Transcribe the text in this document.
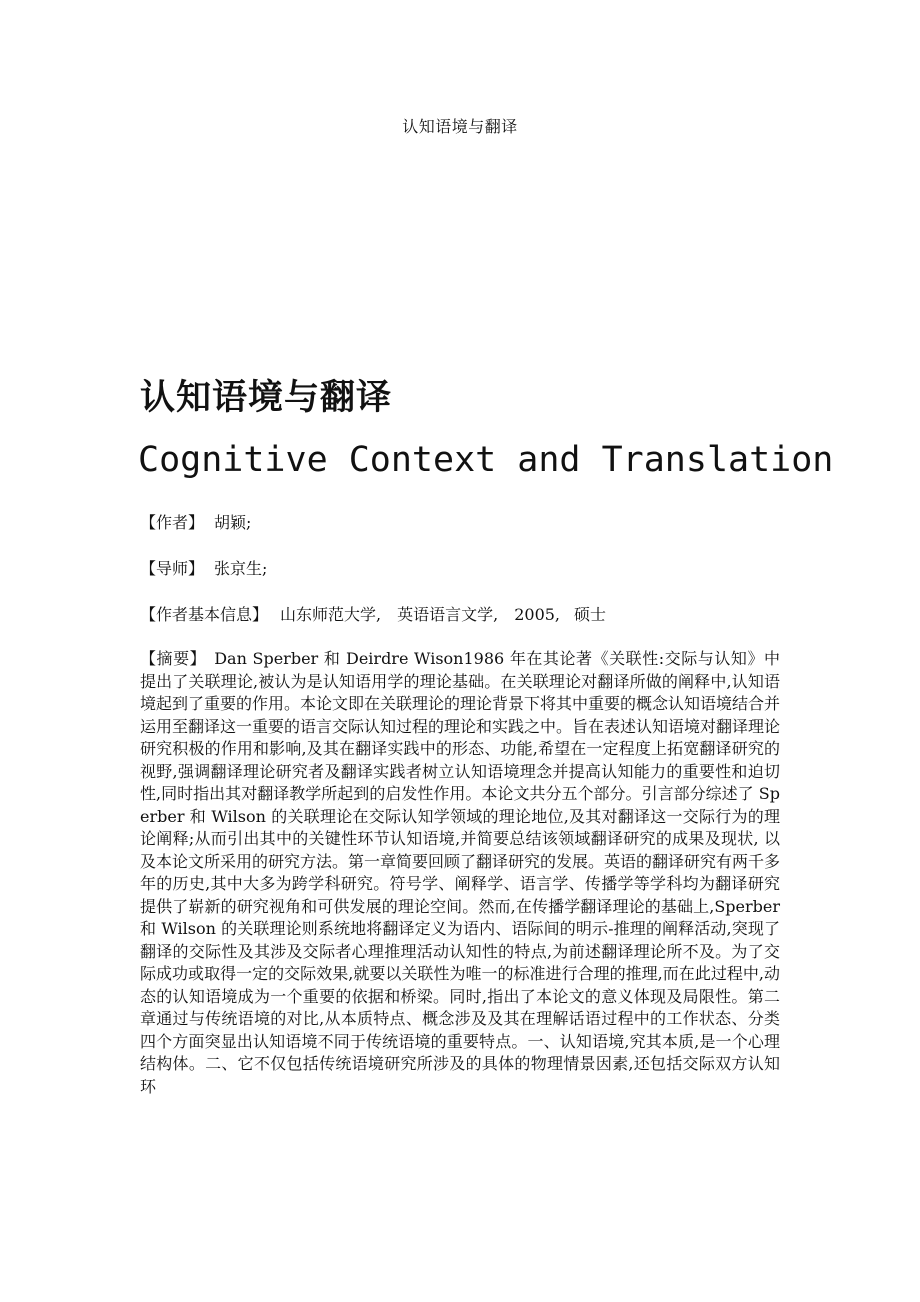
认知语境与翻译
认知语境与翻译
Cognitive Context and Translation
【作者】 胡颖;
【导师】 张京生;
【作者基本信息】 山东师范大学, 英语语言文学, 2005, 硕士
【摘要】 Dan Sperber 和 Deirdre Wison1986 年在其论著《关联性:交际与认知》中提出了关联理论,被认为是认知语用学的理论基础。在关联理论对翻译所做的阐释中,认知语境起到了重要的作用。本论文即在关联理论的理论背景下将其中重要的概念认知语境结合并运用至翻译这一重要的语言交际认知过程的理论和实践之中。旨在表述认知语境对翻译理论研究积极的作用和影响,及其在翻译实践中的形态、功能,希望在一定程度上拓宽翻译研究的视野,强调翻译理论研究者及翻译实践者树立认知语境理念并提高认知能力的重要性和迫切性,同时指出其对翻译教学所起到的启发性作用。本论文共分五个部分。引言部分综述了 Sperber 和 Wilson 的关联理论在交际认知学领域的理论地位,及其对翻译这一交际行为的理论阐释;从而引出其中的关键性环节认知语境,并简要总结该领域翻译研究的成果及现状, 以及本论文所采用的研究方法。第一章简要回顾了翻译研究的发展。英语的翻译研究有两千多年的历史,其中大多为跨学科研究。符号学、阐释学、语言学、传播学等学科均为翻译研究提供了崭新的研究视角和可供发展的理论空间。然而,在传播学翻译理论的基础上,Sperber 和 Wilson 的关联理论则系统地将翻译定义为语内、语际间的明示-推理的阐释活动,突现了翻译的交际性及其涉及交际者心理推理活动认知性的特点,为前述翻译理论所不及。为了交际成功或取得一定的交际效果,就要以关联性为唯一的标准进行合理的推理,而在此过程中,动态的认知语境成为一个重要的依据和桥梁。同时,指出了本论文的意义体现及局限性。第二章通过与传统语境的对比,从本质特点、概念涉及及其在理解话语过程中的工作状态、分类四个方面突显出认知语境不同于传统语境的重要特点。一、认知语境,究其本质,是一个心理结构体。二、它不仅包括传统语境研究所涉及的具体的物理情景因素,还包括交际双方认知环
